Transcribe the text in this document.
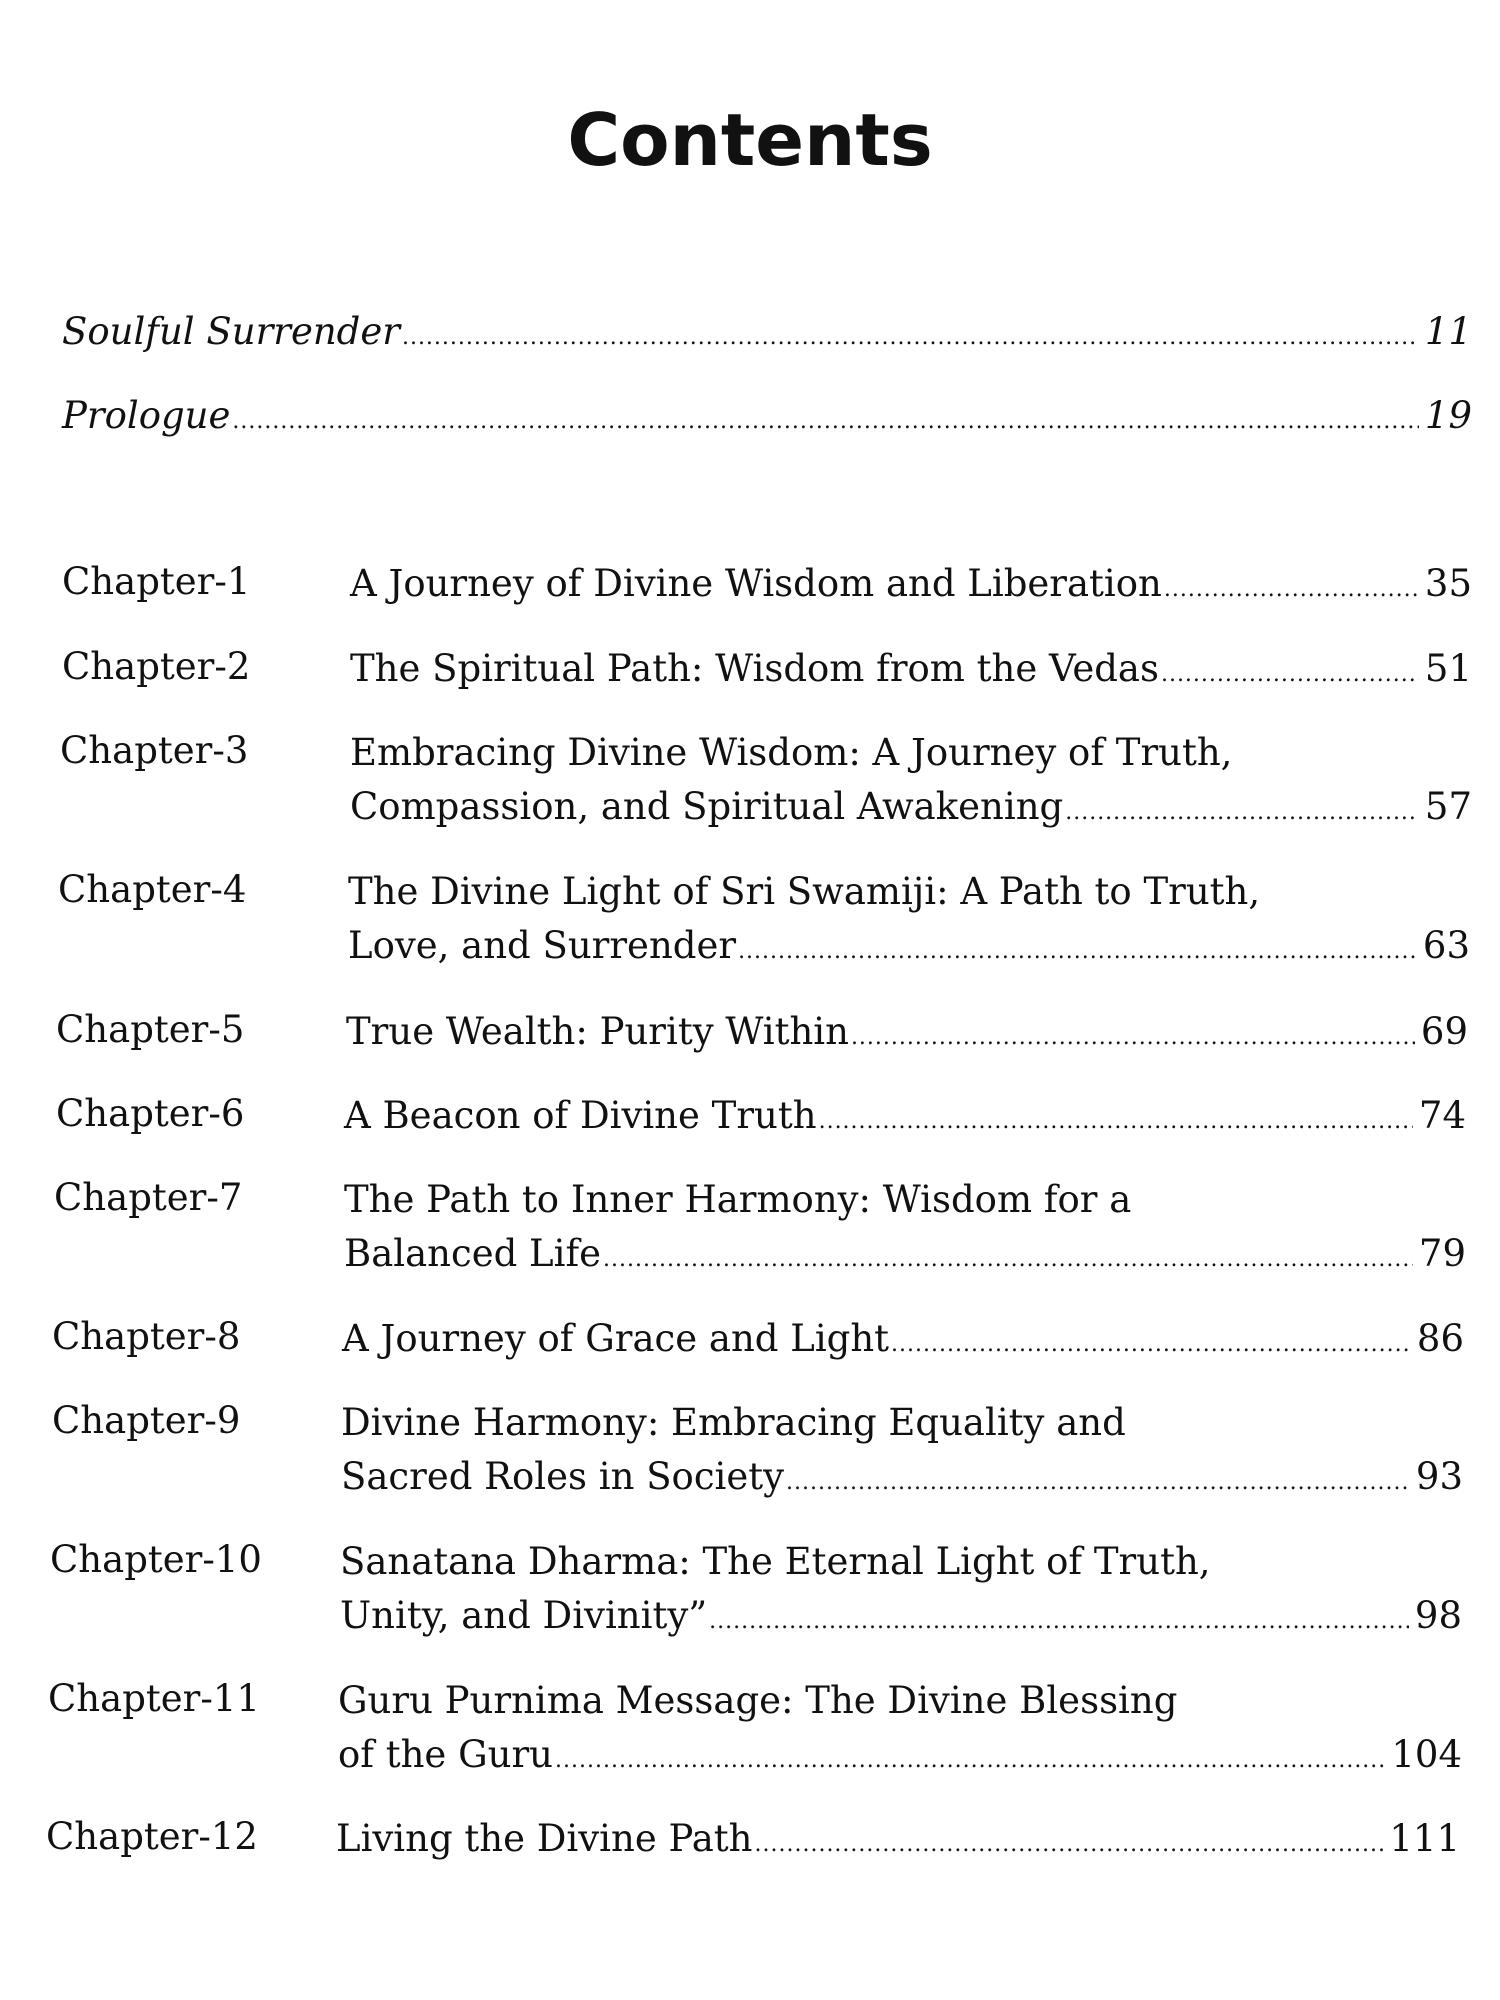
Contents
Soulful Surrender .....	11
Prologue .....	19
Chapter-1	A Journey of Divine Wisdom and Liberation .....	35
Chapter-2	The Spiritual Path: Wisdom from the Vedas .....	51
Chapter-3	Embracing Divine Wisdom: A Journey of Truth,
Compassion, and Spiritual Awakening .....	57
Chapter-4	The Divine Light of Sri Swamiji: A Path to Truth,
Love, and Surrender .....	63
Chapter-5	True Wealth: Purity Within .....	69
Chapter-6	A Beacon of Divine Truth .....	74
Chapter-7	The Path to Inner Harmony: Wisdom for a
Balanced Life .....	79
Chapter-8	A Journey of Grace and Light .....	86
Chapter-9	Divine Harmony: Embracing Equality and
Sacred Roles in Society .....	93
Chapter-10 Sanatana Dharma: The Eternal Light of Truth,
Unity, and Divinity” .....	98
Chapter-11 Guru Purnima Message: The Divine Blessing
of the Guru .....	104
Chapter-12 Living the Divine Path .....	111
